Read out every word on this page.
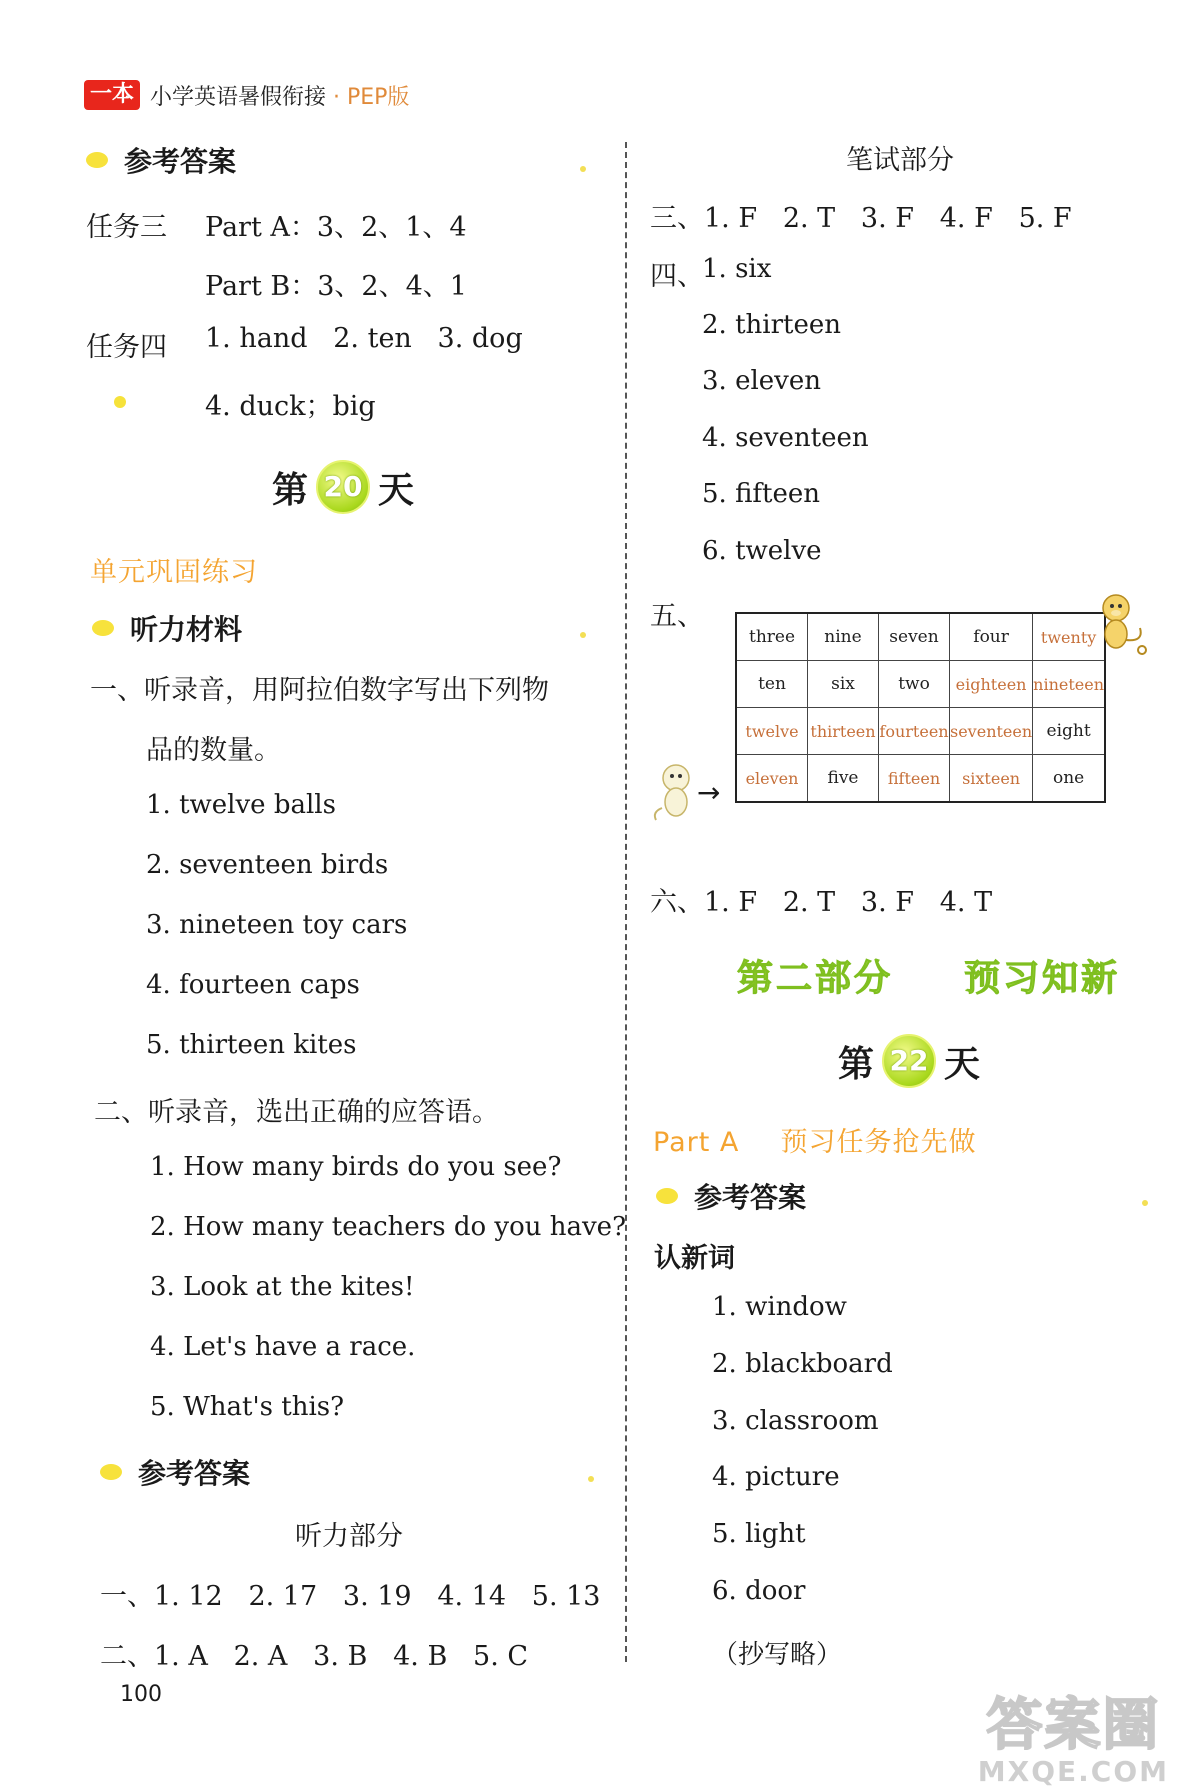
一本 小学英语暑假衔接 · PEP版
参考答案
任务三 Part A：3、2、1、4
Part B：3、2、4、1
任务四 1. hand   2. ten   3. dog
4. duck；big
第 20 天
单元巩固练习
听力材料
一、听录音，用阿拉伯数字写出下列物
品的数量。
1. twelve balls
2. seventeen birds
3. nineteen toy cars
4. fourteen caps
5. thirteen kites
二、听录音，选出正确的应答语。
1. How many birds do you see?
2. How many teachers do you have?
3. Look at the kites!
4. Let's have a race.
5. What's this?
参考答案
听力部分
一、1. 12   2. 17   3. 19   4. 14   5. 13
二、1. A   2. A   3. B   4. B   5. C
笔试部分
三、1. F   2. T   3. F   4. F   5. F
四、
1. six
2. thirteen
3. eleven
4. seventeen
5. fifteen
6. twelve
五、
three	nine	seven	four	twenty
ten	six	two	eighteen	nineteen
twelve	thirteen	fourteen	seventeen	eight
eleven	five	fifteen	sixteen	one
→
六、1. F   2. T   3. F   4. T
第二部分 预习知新
第 22 天
Part A 预习任务抢先做
参考答案
认新词
1. window
2. blackboard
3. classroom
4. picture
5. light
6. door
（抄写略）
100	答案圈
MXQE.COM
